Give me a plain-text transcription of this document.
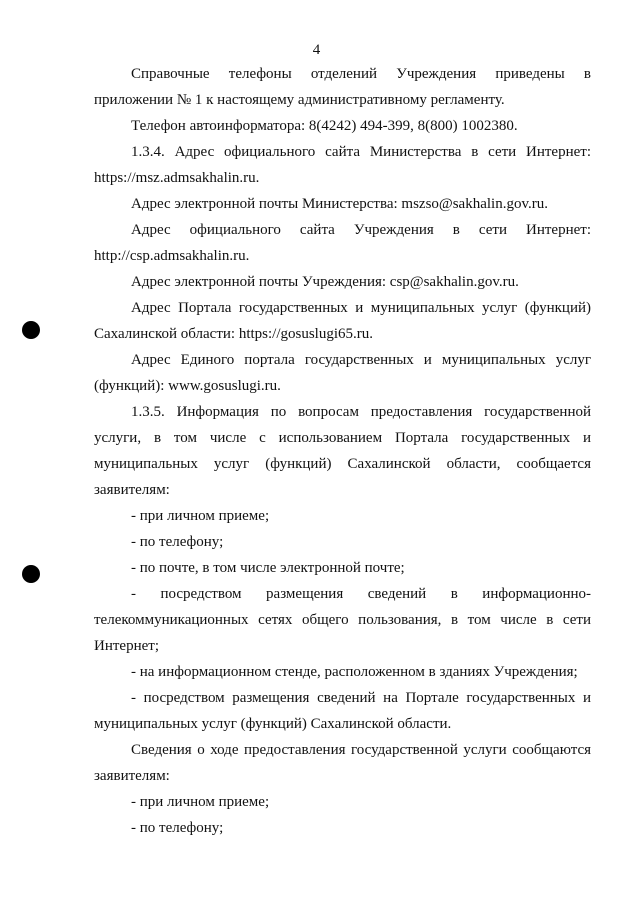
4

Справочные телефоны отделений Учреждения приведены в

приложении № 1 к настоящему административному регламенту.

Телефон автоинформатора: 8(4242) 494-399, 8(800) 1002380.

1.3.4. Адрес официального сайта Министерства в сети Интернет:

https://msz.admsakhalin.ru.

Адрес электронной почты Министерства: mszso@sakhalin.gov.ru.

Адрес официального сайта Учреждения в сети Интернет:

http://csp.admsakhalin.ru.

Адрес электронной почты Учреждения: csp@sakhalin.gov.ru.

Адрес Портала государственных и муниципальных услуг (функций)

Сахалинской области: https://gosuslugi65.ru.

Адрес Единого портала государственных и муниципальных услуг

(функций): www.gosuslugi.ru.

1.3.5. Информация по вопросам предоставления государственной

услуги, в том числе с использованием Портала государственных и

муниципальных услуг (функций) Сахалинской области, сообщается

заявителям:

- при личном приеме;

- по телефону;

- по почте, в том числе электронной почте;

- посредством размещения сведений в информационно-

телекоммуникационных сетях общего пользования, в том числе в сети

Интернет;

- на информационном стенде, расположенном в зданиях Учреждения;

- посредством размещения сведений на Портале государственных и

муниципальных услуг (функций) Сахалинской области.

Сведения о ходе предоставления государственной услуги сообщаются

заявителям:

- при личном приеме;

- по телефону;
